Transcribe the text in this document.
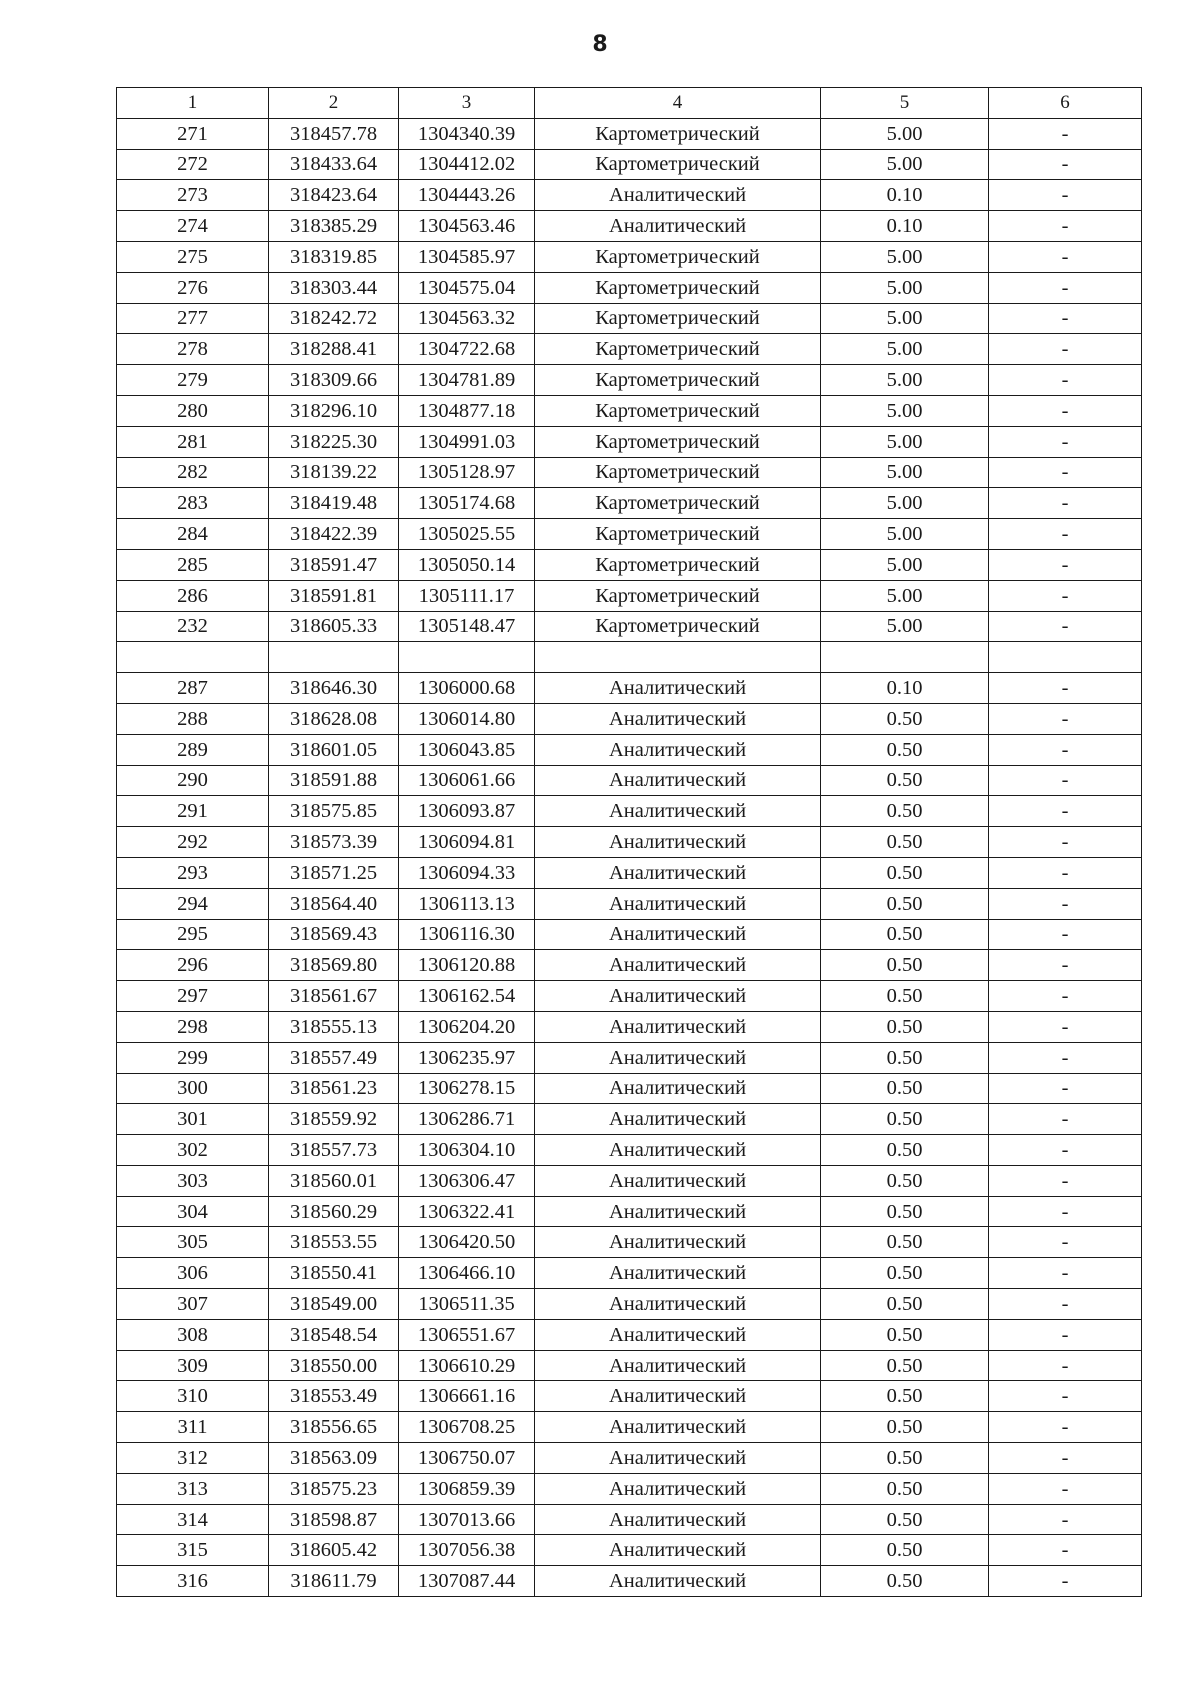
8
1	2	3	4	5	6
271	318457.78	1304340.39	Картометрический	5.00	-
272	318433.64	1304412.02	Картометрический	5.00	-
273	318423.64	1304443.26	Аналитический	0.10	-
274	318385.29	1304563.46	Аналитический	0.10	-
275	318319.85	1304585.97	Картометрический	5.00	-
276	318303.44	1304575.04	Картометрический	5.00	-
277	318242.72	1304563.32	Картометрический	5.00	-
278	318288.41	1304722.68	Картометрический	5.00	-
279	318309.66	1304781.89	Картометрический	5.00	-
280	318296.10	1304877.18	Картометрический	5.00	-
281	318225.30	1304991.03	Картометрический	5.00	-
282	318139.22	1305128.97	Картометрический	5.00	-
283	318419.48	1305174.68	Картометрический	5.00	-
284	318422.39	1305025.55	Картометрический	5.00	-
285	318591.47	1305050.14	Картометрический	5.00	-
286	318591.81	1305111.17	Картометрический	5.00	-
232	318605.33	1305148.47	Картометрический	5.00	-

287	318646.30	1306000.68	Аналитический	0.10	-
288	318628.08	1306014.80	Аналитический	0.50	-
289	318601.05	1306043.85	Аналитический	0.50	-
290	318591.88	1306061.66	Аналитический	0.50	-
291	318575.85	1306093.87	Аналитический	0.50	-
292	318573.39	1306094.81	Аналитический	0.50	-
293	318571.25	1306094.33	Аналитический	0.50	-
294	318564.40	1306113.13	Аналитический	0.50	-
295	318569.43	1306116.30	Аналитический	0.50	-
296	318569.80	1306120.88	Аналитический	0.50	-
297	318561.67	1306162.54	Аналитический	0.50	-
298	318555.13	1306204.20	Аналитический	0.50	-
299	318557.49	1306235.97	Аналитический	0.50	-
300	318561.23	1306278.15	Аналитический	0.50	-
301	318559.92	1306286.71	Аналитический	0.50	-
302	318557.73	1306304.10	Аналитический	0.50	-
303	318560.01	1306306.47	Аналитический	0.50	-
304	318560.29	1306322.41	Аналитический	0.50	-
305	318553.55	1306420.50	Аналитический	0.50	-
306	318550.41	1306466.10	Аналитический	0.50	-
307	318549.00	1306511.35	Аналитический	0.50	-
308	318548.54	1306551.67	Аналитический	0.50	-
309	318550.00	1306610.29	Аналитический	0.50	-
310	318553.49	1306661.16	Аналитический	0.50	-
311	318556.65	1306708.25	Аналитический	0.50	-
312	318563.09	1306750.07	Аналитический	0.50	-
313	318575.23	1306859.39	Аналитический	0.50	-
314	318598.87	1307013.66	Аналитический	0.50	-
315	318605.42	1307056.38	Аналитический	0.50	-
316	318611.79	1307087.44	Аналитический	0.50	-
